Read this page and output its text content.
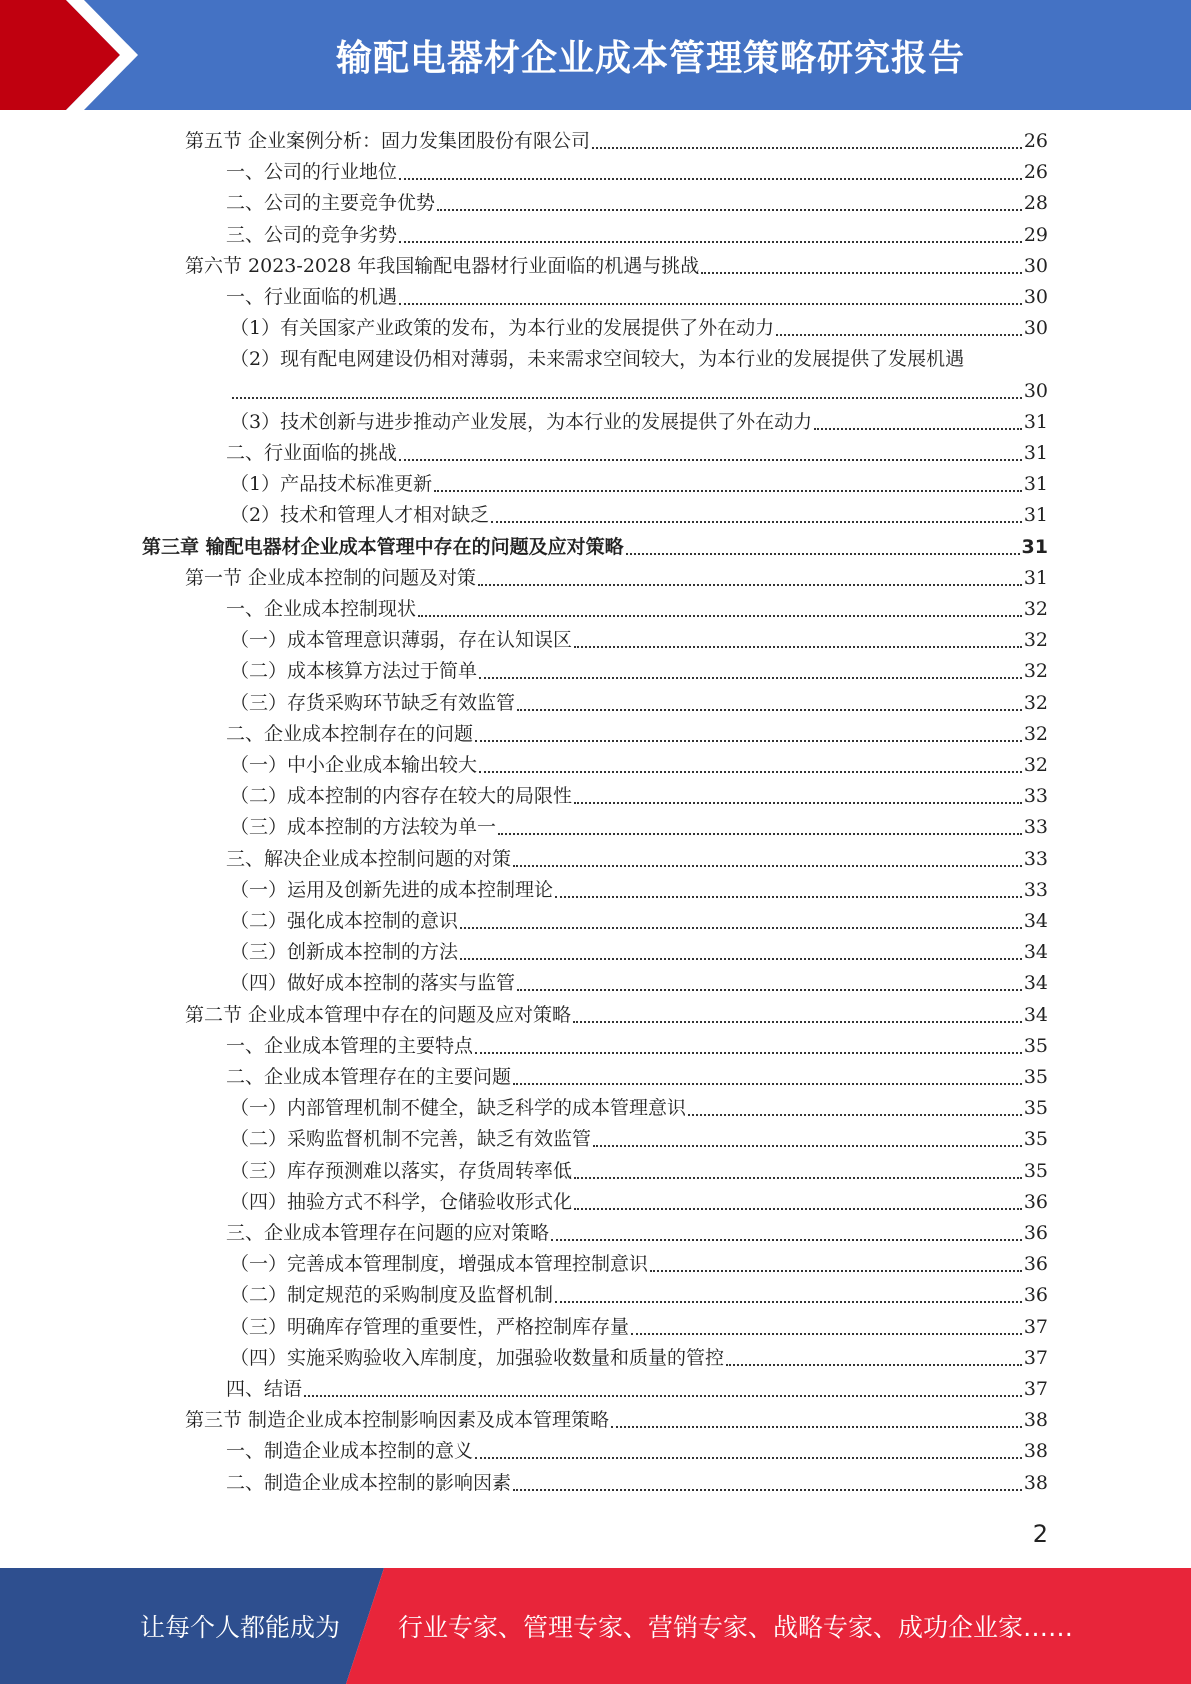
输配电器材企业成本管理策略研究报告
第五节 企业案例分析：固力发集团股份有限公司	26
一、公司的行业地位	26
二、公司的主要竞争优势	28
三、公司的竞争劣势	29
第六节 2023-2028 年我国输配电器材行业面临的机遇与挑战	30
一、行业面临的机遇	30
（1）有关国家产业政策的发布，为本行业的发展提供了外在动力	30
（2）现有配电网建设仍相对薄弱，未来需求空间较大，为本行业的发展提供了发展机遇
30
（3）技术创新与进步推动产业发展，为本行业的发展提供了外在动力	31
二、行业面临的挑战	31
（1）产品技术标准更新	31
（2）技术和管理人才相对缺乏	31
第三章 输配电器材企业成本管理中存在的问题及应对策略	31
第一节 企业成本控制的问题及对策	31
一、企业成本控制现状	32
（一）成本管理意识薄弱，存在认知误区	32
（二）成本核算方法过于简单	32
（三）存货采购环节缺乏有效监管	32
二、企业成本控制存在的问题	32
（一）中小企业成本输出较大	32
（二）成本控制的内容存在较大的局限性	33
（三）成本控制的方法较为单一	33
三、解决企业成本控制问题的对策	33
（一）运用及创新先进的成本控制理论	33
（二）强化成本控制的意识	34
（三）创新成本控制的方法	34
（四）做好成本控制的落实与监管	34
第二节 企业成本管理中存在的问题及应对策略	34
一、企业成本管理的主要特点	35
二、企业成本管理存在的主要问题	35
（一）内部管理机制不健全，缺乏科学的成本管理意识	35
（二）采购监督机制不完善，缺乏有效监管	35
（三）库存预测难以落实，存货周转率低	35
（四）抽验方式不科学，仓储验收形式化	36
三、企业成本管理存在问题的应对策略	36
（一）完善成本管理制度，增强成本管理控制意识	36
（二）制定规范的采购制度及监督机制	36
（三）明确库存管理的重要性，严格控制库存量	37
（四）实施采购验收入库制度，加强验收数量和质量的管控	37
四、结语	37
第三节 制造企业成本控制影响因素及成本管理策略	38
一、制造企业成本控制的意义	38
二、制造企业成本控制的影响因素	38
2
让每个人都能成为 行业专家、管理专家、营销专家、战略专家、成功企业家……
